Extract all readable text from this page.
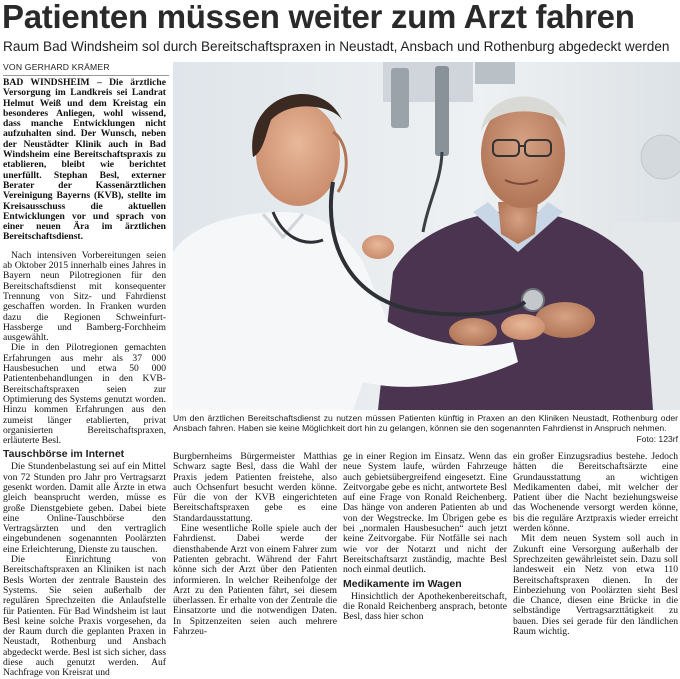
Patienten müssen weiter zum Arzt fahren
Raum Bad Windsheim sol durch Bereitschaftspraxen in Neustadt, Ansbach und Rothenburg abgedeckt werden
VON GERHARD KRÄMER

BAD WINDSHEIM – Die ärztliche Versorgung im Landkreis sei Landrat Helmut Weiß und dem Kreistag ein besonderes Anliegen, wohl wissend, dass manche Entwicklungen nicht aufzuhalten sind. Der Wunsch, neben der Neustädter Klinik auch in Bad Windsheim eine Bereitschaftspraxis zu etablieren, bleibt wie berichtet unerfüllt. Stephan Besl, externer Berater der Kassenärztlichen Vereinigung Bayerns (KVB), stellte im Kreisausschuss die aktuellen Entwicklungen vor und sprach von einer neuen Ära im ärztlichen Bereitschaftsdienst.

Nach intensiven Vorbereitungen seien ab Oktober 2015 innerhalb eines Jahres in Bayern neun Pilotregionen für den Bereitschaftsdienst mit konsequenter Trennung von Sitz- und Fahrdienst geschaffen worden. In Franken wurden dazu die Regionen Schweinfurt-Hassberge und Bamberg-Forchheim ausgewählt.

Die in den Pilotregionen gemachten Erfahrungen aus mehr als 37 000 Hausbesuchen und etwa 50 000 Patientenbehandlungen in den KVB-Bereitschaftspraxen seien zur Optimierung des Systems genutzt worden. Hinzu kommen Erfahrungen aus den zumeist länger etablierten, privat organisierten Bereitschaftspraxen, erläuterte Besl.

Tauschbörse im Internet

Die Stundenbelastung sei auf ein Mittel von 72 Stunden pro Jahr pro Vertragsarzt gesenkt worden. Damit alle Ärzte in etwa gleich beansprucht werden, müsse es große Dienstgebiete geben. Dabei biete eine Online-Tauschbörse den Vertragsärzten und den vertraglich eingebundenen sogenannten Poolärzten eine Erleichterung, Dienste zu tauschen.

Die Einrichtung von Bereitschaftspraxen an Kliniken ist nach Besls Worten der zentrale Baustein des Systems. Sie seien außerhalb der regulären Sprechzeiten die Anlaufstelle für Patienten. Für Bad Windsheim ist laut Besl keine solche Praxis vorgesehen, da der Raum durch die geplanten Praxen in Neustadt, Rothenburg und Ansbach abgedeckt werde. Besl ist sich sicher, dass diese auch genutzt werden. Auf Nachfrage von Kreisrat und

Um den ärztlichen Bereitschaftsdienst zu nutzen müssen Patienten künftig in Praxen an den Kliniken Neustadt, Rothenburg oder Ansbach fahren. Haben sie keine Möglichkeit dort hin zu gelangen, können sie den sogenannten Fahrdienst in Anspruch nehmen.
Foto: 123rf

Burgbernheims Bürgermeister Matthias Schwarz sagte Besl, dass die Wahl der Praxis jedem Patienten freistehe, also auch Ochsenfurt besucht werden könne. Für die von der KVB eingerichteten Bereitschaftspraxen gebe es eine Standardausstattung.

Eine wesentliche Rolle spiele auch der Fahrdienst. Dabei werde der diensthabende Arzt von einem Fahrer zum Patienten gebracht. Während der Fahrt könne sich der Arzt über den Patienten informieren. In welcher Reihenfolge der Arzt zu den Patienten fährt, sei diesem überlassen. Er erhalte von der Zentrale die Einsatzorte und die notwendigen Daten. In Spitzenzeiten seien auch mehrere Fahrzeu-

ge in einer Region im Einsatz. Wenn das neue System laufe, würden Fahrzeuge auch gebietsübergreifend eingesetzt. Eine Zeitvorgabe gebe es nicht, antwortete Besl auf eine Frage von Ronald Reichenberg. Das hänge von anderen Patienten ab und von der Wegstrecke. Im Übrigen gebe es bei „normalen Hausbesuchen“ auch jetzt keine Zeitvorgabe. Für Notfälle sei nach wie vor der Notarzt und nicht der Bereitschaftsarzt zuständig, machte Besl noch einmal deutlich.

Medikamente im Wagen

Hinsichtlich der Apothekenbereitschaft, die Ronald Reichenberg ansprach, betonte Besl, dass hier schon

ein großer Einzugsradius bestehe. Jedoch hätten die Bereitschaftsärzte eine Grundausstattung an wichtigen Medikamenten dabei, mit welcher der Patient über die Nacht beziehungsweise das Wochenende versorgt werden könne, bis die reguläre Arztpraxis wieder erreicht werden könne.

Mit dem neuen System soll auch in Zukunft eine Versorgung außerhalb der Sprechzeiten gewährleistet sein. Dazu soll landesweit ein Netz von etwa 110 Bereitschaftspraxen dienen. In der Einbeziehung von Poolärzten sieht Besl die Chance, diesen eine Brücke in die selbständige Vertragsarzttätigkeit zu bauen. Dies sei gerade für den ländlichen Raum wichtig.
